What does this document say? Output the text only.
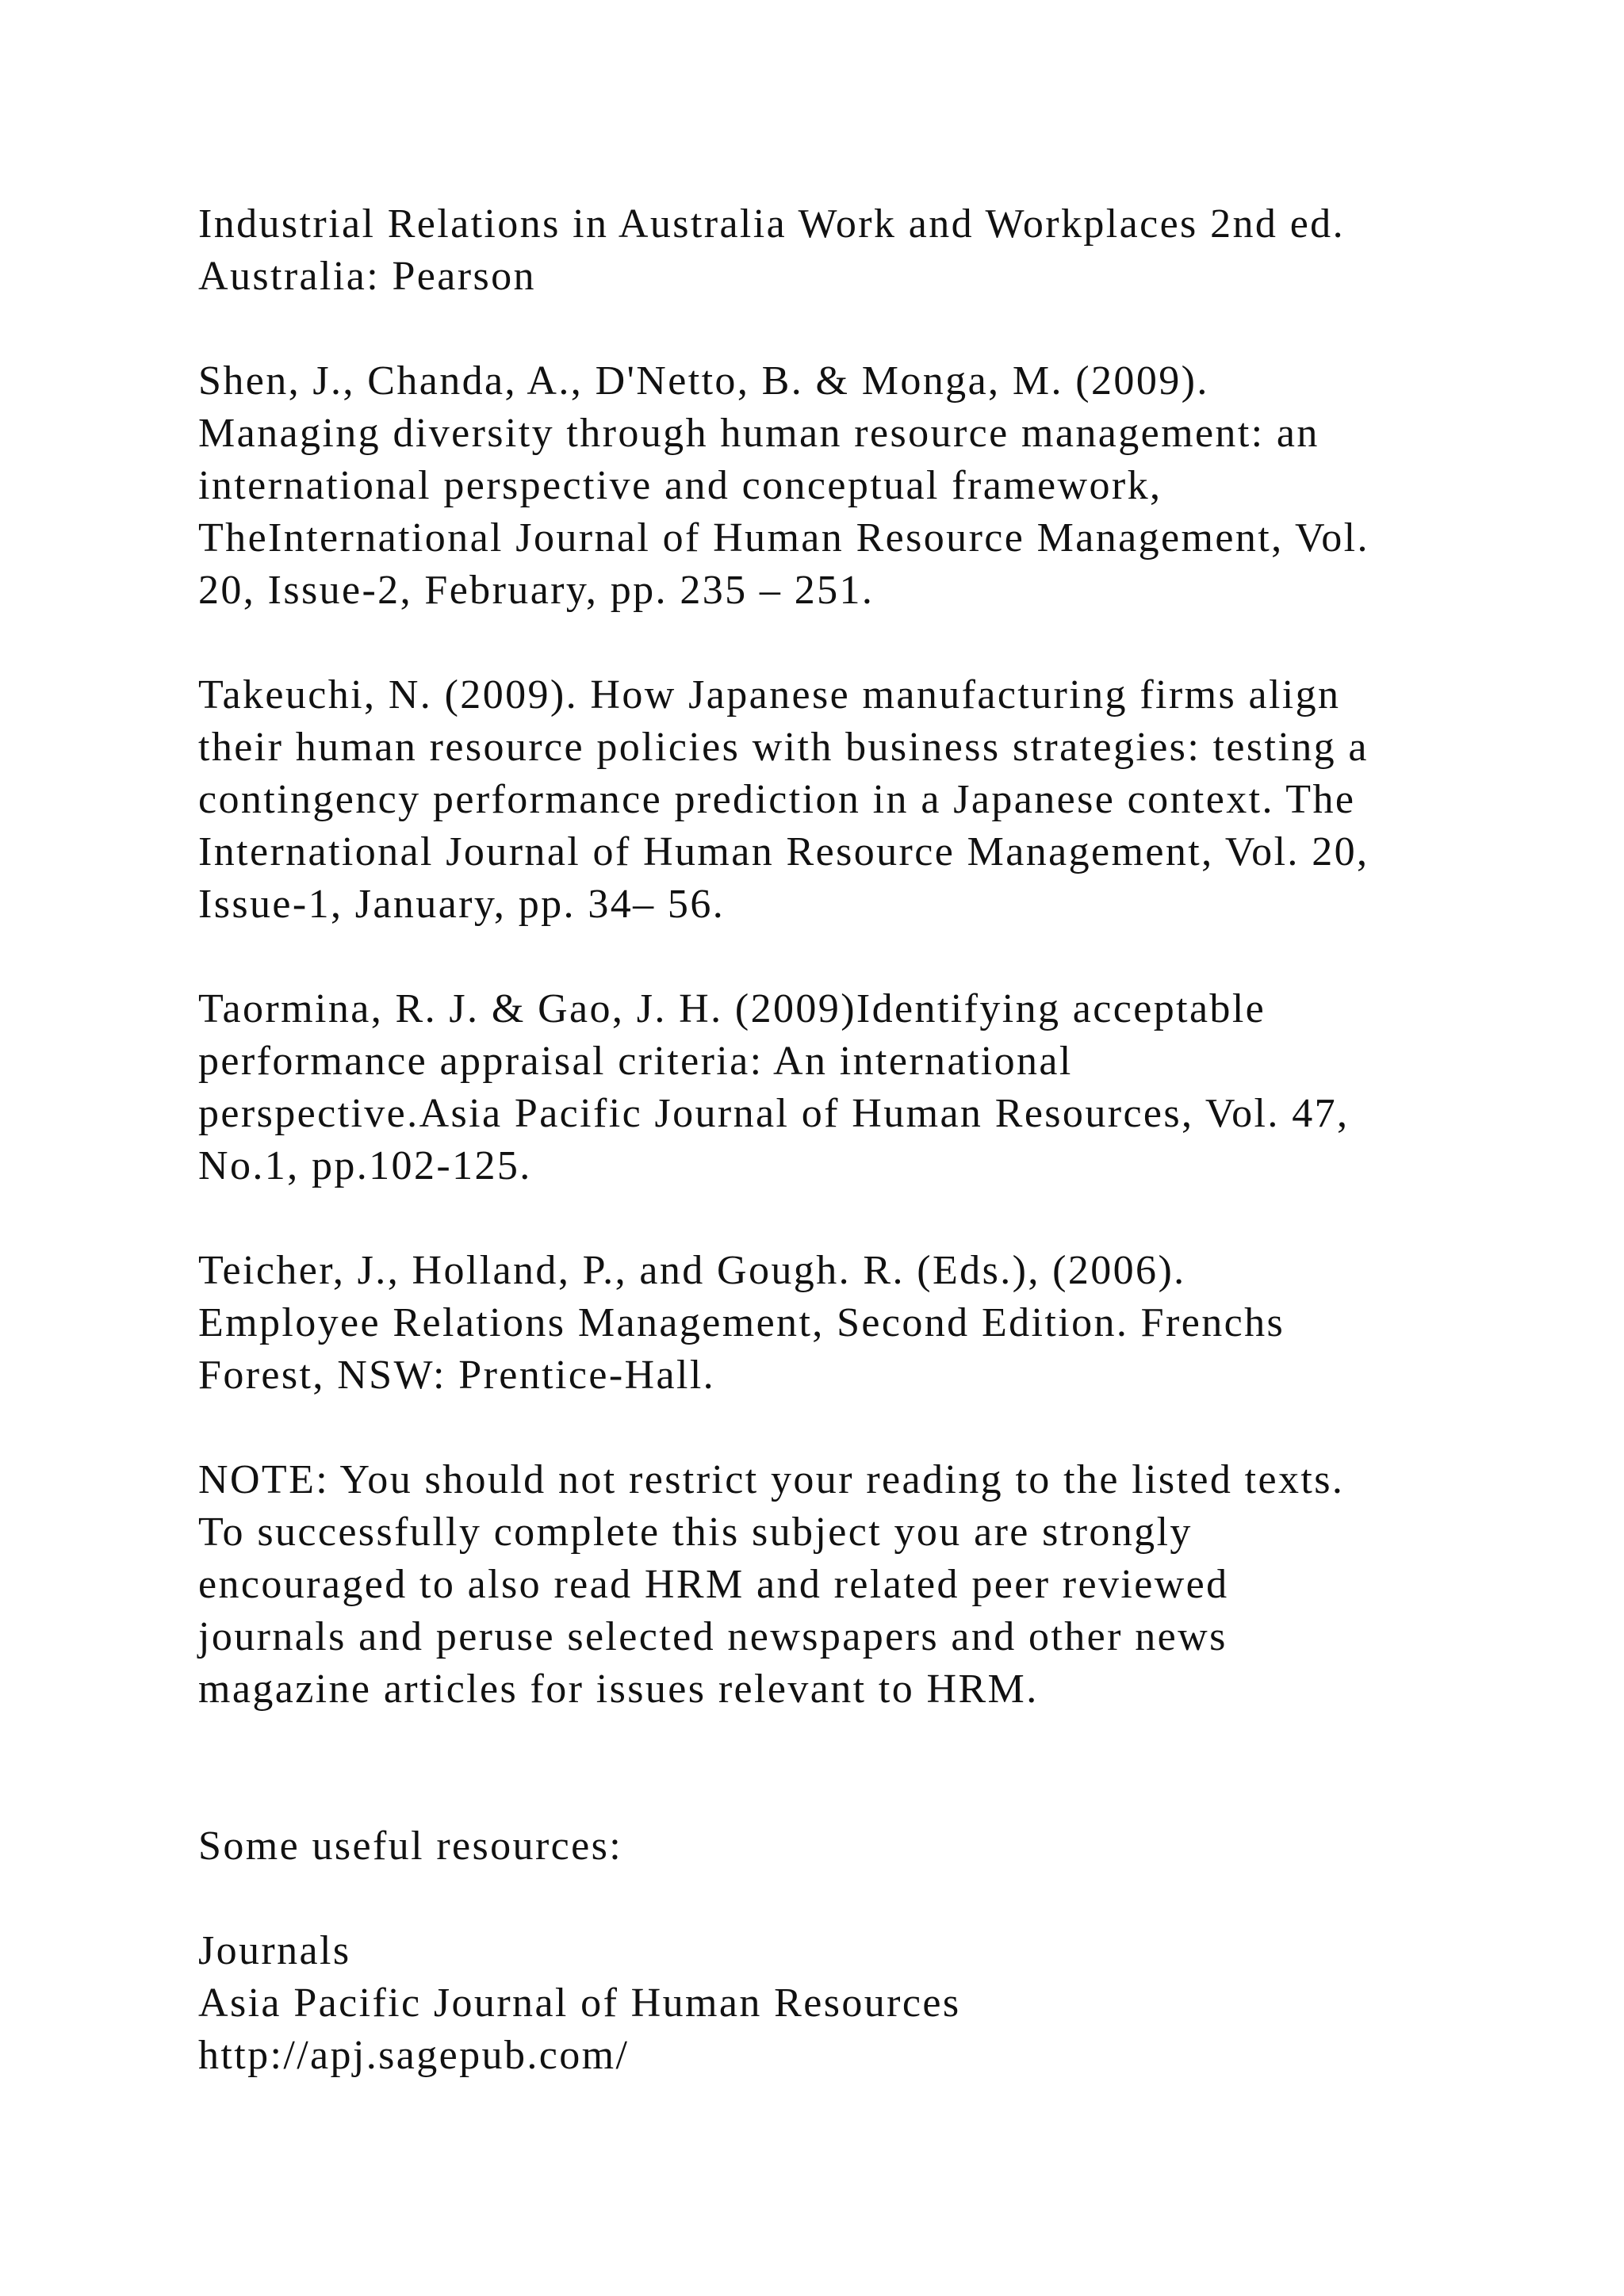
Industrial Relations in Australia Work and Workplaces 2nd ed.
Australia: Pearson
Shen, J., Chanda, A., D'Netto, B. & Monga, M. (2009).
Managing diversity through human resource management: an
international perspective and conceptual framework,
TheInternational Journal of Human Resource Management, Vol.
20, Issue-2, February, pp. 235 – 251.
Takeuchi, N. (2009). How Japanese manufacturing firms align
their human resource policies with business strategies: testing a
contingency performance prediction in a Japanese context. The
International Journal of Human Resource Management, Vol. 20,
Issue-1, January, pp. 34– 56.
Taormina, R. J. & Gao, J. H. (2009)Identifying acceptable
performance appraisal criteria: An international
perspective.Asia Pacific Journal of Human Resources, Vol. 47,
No.1, pp.102-125.
Teicher, J., Holland, P., and Gough. R. (Eds.), (2006).
Employee Relations Management, Second Edition. Frenchs
Forest, NSW: Prentice-Hall.
NOTE: You should not restrict your reading to the listed texts.
To successfully complete this subject you are strongly
encouraged to also read HRM and related peer reviewed
journals and peruse selected newspapers and other news
magazine articles for issues relevant to HRM.
Some useful resources:
Journals
Asia Pacific Journal of Human Resources
http://apj.sagepub.com/
